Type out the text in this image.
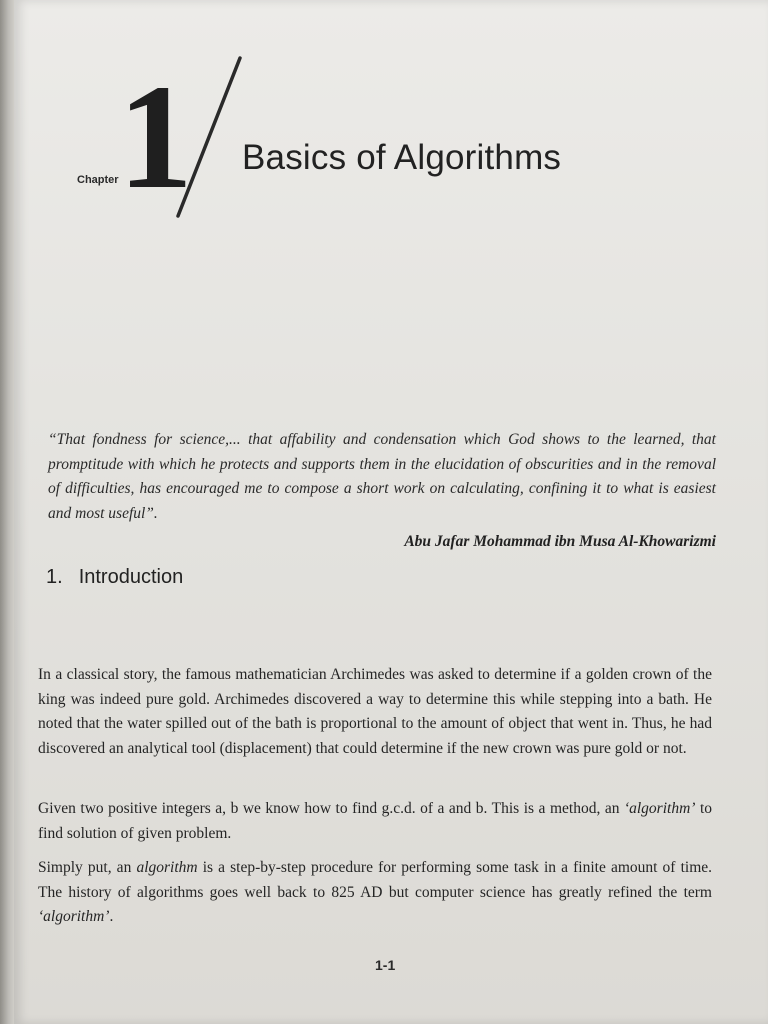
Chapter 1 Basics of Algorithms

“That fondness for science,... that affability and condensation which God shows to the learned, that promptitude with which he protects and supports them in the elucidation of obscurities and in the removal of difficulties, has encouraged me to compose a short work on calculating, confining it to what is easiest and most useful”.

Abu Jafar Mohammad ibn Musa Al-Khowarizmi
1. Introduction

In a classical story, the famous mathematician Archimedes was asked to determine if a golden crown of the king was indeed pure gold. Archimedes discovered a way to determine this while stepping into a bath. He noted that the water spilled out of the bath is proportional to the amount of object that went in. Thus, he had discovered an analytical tool (displacement) that could determine if the new crown was pure gold or not.

Given two positive integers a, b we know how to find g.c.d. of a and b. This is a method, an ‘algorithm’ to find solution of given problem.

Simply put, an algorithm is a step-by-step procedure for performing some task in a finite amount of time. The history of algorithms goes well back to 825 AD but computer science has greatly refined the term ‘algorithm’.

1-1
